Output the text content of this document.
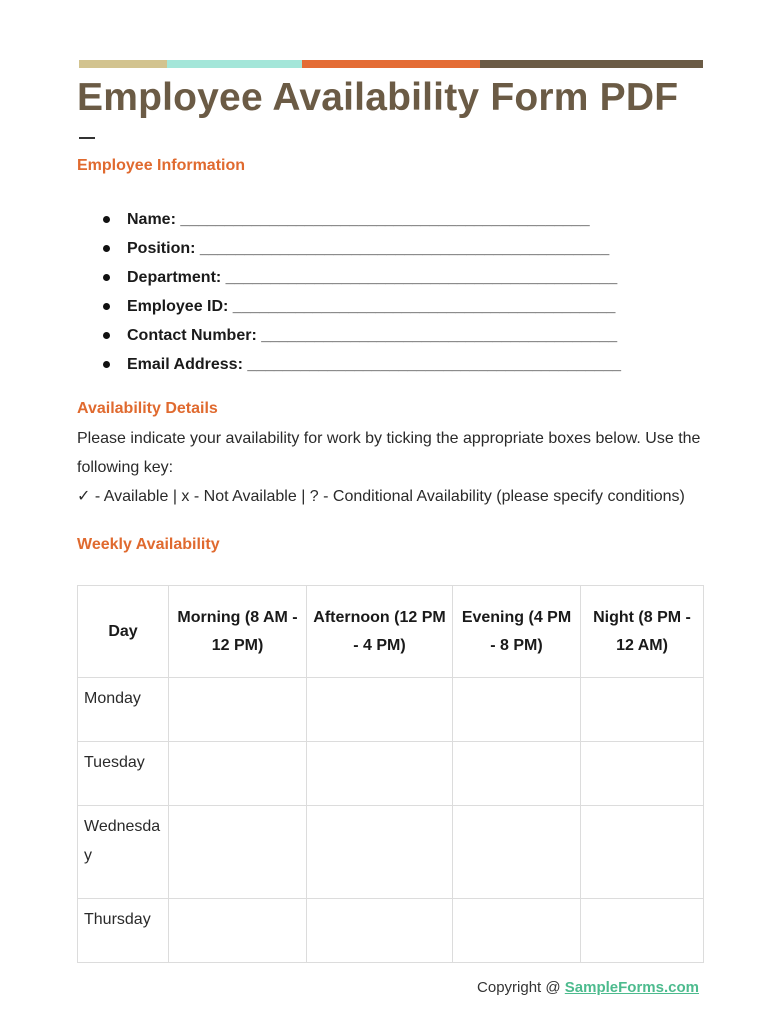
Employee Availability Form PDF
Employee Information
Name: ______________________________________________
Position: ______________________________________________
Department: ____________________________________________
Employee ID: ___________________________________________
Contact Number: ________________________________________
Email Address: __________________________________________
Availability Details

Please indicate your availability for work by ticking the appropriate boxes below. Use the following key:

✓ - Available | x - Not Available | ? - Conditional Availability (please specify conditions)

Weekly Availability
Day	Morning (8 AM - 12 PM)	Afternoon (12 PM - 4 PM)	Evening (4 PM - 8 PM)	Night (8 PM - 12 AM)
Monday				
Tuesday				
Wednesday				
Thursday				
Copyright @ SampleForms.com
